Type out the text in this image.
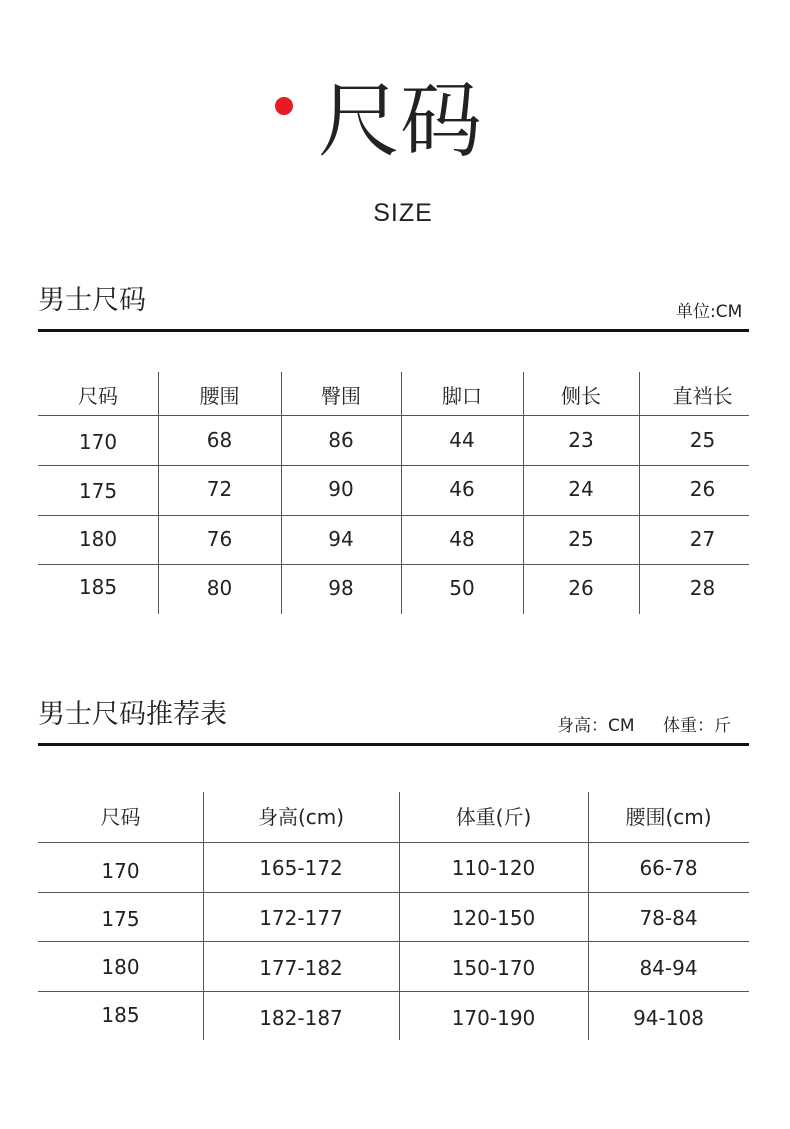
尺码
SIZE
男士尺码	单位:CM
尺码	腰围	臀围	脚口	侧长	直裆长
170	68	86	44	23	25
175	72	90	46	24	26
180	76	94	48	25	27
185	80	98	50	26	28
男士尺码推荐表	身高：CM 体重：斤
尺码	身高(cm)	体重(斤)	腰围(cm)
170	165-172	110-120	66-78
175	172-177	120-150	78-84
180	177-182	150-170	84-94
185	182-187	170-190	94-108
